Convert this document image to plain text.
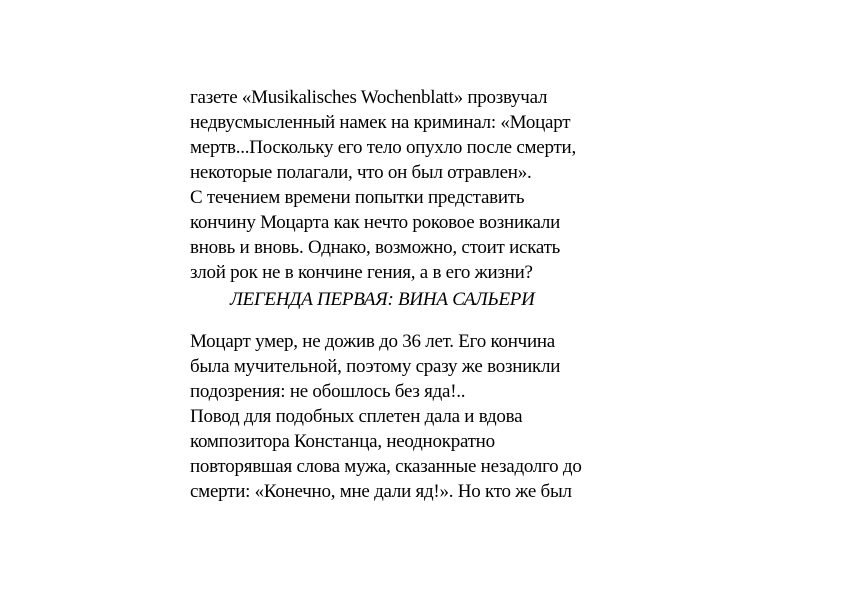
газете «Musikalisches Wochenblatt» прозвучал
недвусмысленный намек на криминал: «Моцарт
мертв...Поскольку его тело опухло после смерти,
некоторые полагали, что он был отравлен».
С течением времени попытки представить
кончину Моцарта как нечто роковое возникали
вновь и вновь. Однако, возможно, стоит искать
злой рок не в кончине гения, а в его жизни?
ЛЕГЕНДА ПЕРВАЯ: ВИНА САЛЬЕРИ
Моцарт умер, не дожив до 36 лет. Его кончина
была мучительной, поэтому сразу же возникли
подозрения: не обошлось без яда!..
Повод для подобных сплетен дала и вдова
композитора Констанца, неоднократно
повторявшая слова мужа, сказанные незадолго до
смерти: «Конечно, мне дали яд!». Но кто же был
